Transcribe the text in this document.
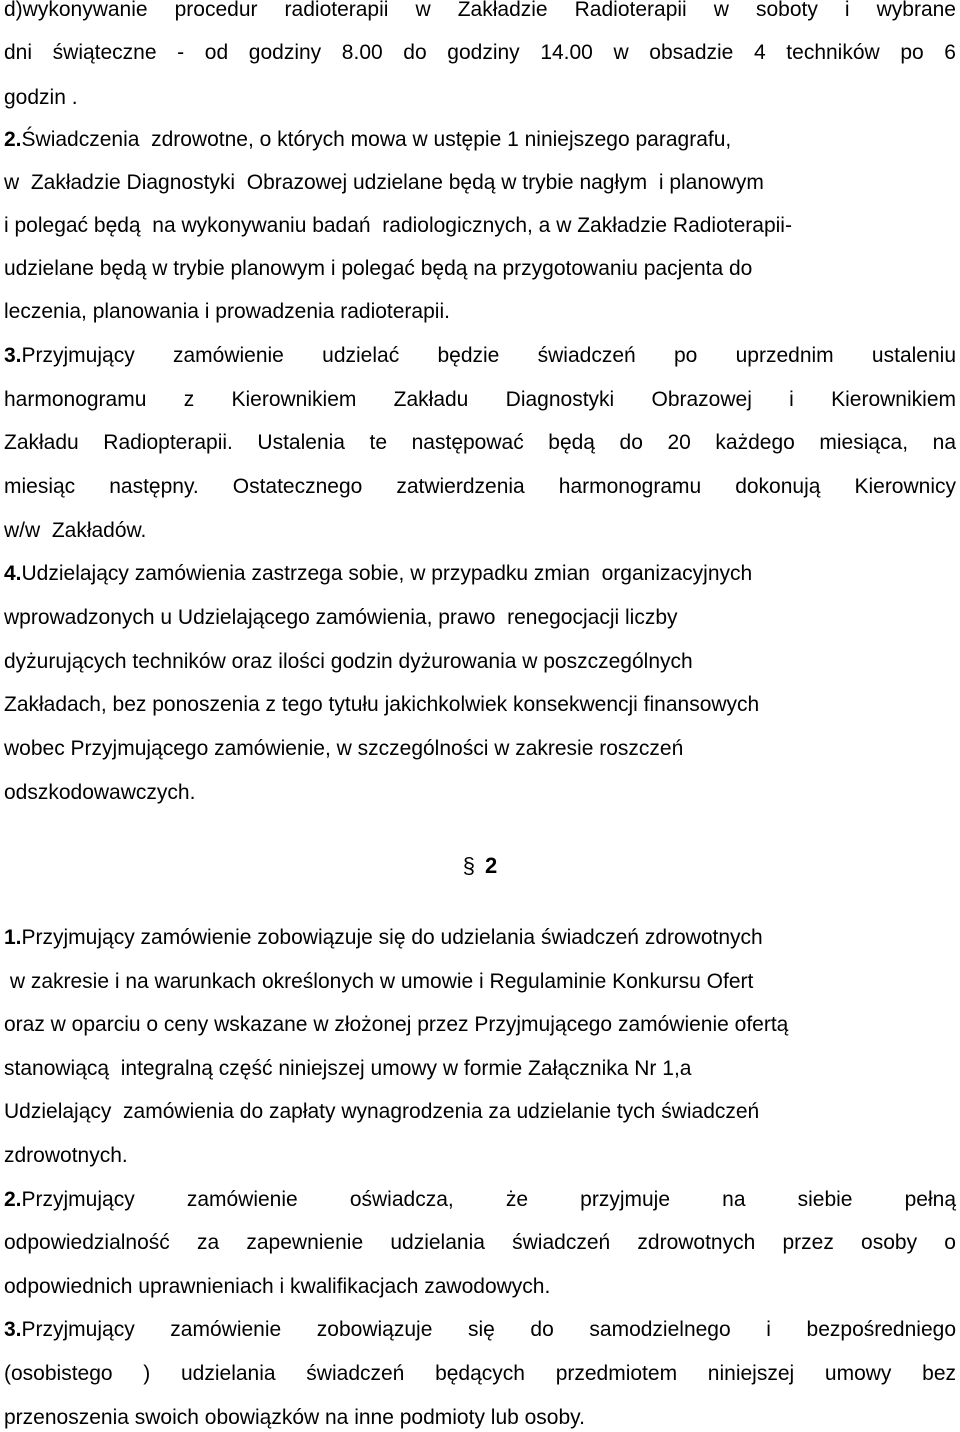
d)wykonywanie procedur radioterapii w Zakładzie Radioterapii w soboty i wybrane
dni świąteczne - od godziny 8.00 do godziny 14.00 w obsadzie 4 techników po 6
godzin .
2.Świadczenia  zdrowotne, o których mowa w ustępie 1 niniejszego paragrafu,
w  Zakładzie Diagnostyki  Obrazowej udzielane będą w trybie nagłym  i planowym
i polegać będą  na wykonywaniu badań  radiologicznych, a w Zakładzie Radioterapii-
udzielane będą w trybie planowym i polegać będą na przygotowaniu pacjenta do
leczenia, planowania i prowadzenia radioterapii.
3.Przyjmujący zamówienie udzielać będzie świadczeń po uprzednim ustaleniu
harmonogramu z Kierownikiem Zakładu Diagnostyki Obrazowej i Kierownikiem
Zakładu Radiopterapii. Ustalenia te następować będą do 20 każdego miesiąca, na
miesiąc następny. Ostatecznego zatwierdzenia harmonogramu dokonują Kierownicy
w/w  Zakładów.
4.Udzielający zamówienia zastrzega sobie, w przypadku zmian  organizacyjnych
wprowadzonych u Udzielającego zamówienia, prawo  renegocjacji liczby
dyżurujących techników oraz ilości godzin dyżurowania w poszczególnych
Zakładach, bez ponoszenia z tego tytułu jakichkolwiek konsekwencji finansowych
wobec Przyjmującego zamówienie, w szczególności w zakresie roszczeń
odszkodowawczych.
§ 2
1.Przyjmujący zamówienie zobowiązuje się do udzielania świadczeń zdrowotnych
w zakresie i na warunkach określonych w umowie i Regulaminie Konkursu Ofert
oraz w oparciu o ceny wskazane w złożonej przez Przyjmującego zamówienie ofertą
stanowiącą  integralną część niniejszej umowy w formie Załącznika Nr 1,a
Udzielający  zamówienia do zapłaty wynagrodzenia za udzielanie tych świadczeń
zdrowotnych.
2.Przyjmujący zamówienie oświadcza, że przyjmuje na siebie pełną
odpowiedzialność za zapewnienie udzielania świadczeń zdrowotnych przez osoby o
odpowiednich uprawnieniach i kwalifikacjach zawodowych.
3.Przyjmujący zamówienie zobowiązuje się do samodzielnego i bezpośredniego
(osobistego ) udzielania świadczeń będących przedmiotem niniejszej umowy bez
przenoszenia swoich obowiązków na inne podmioty lub osoby.
